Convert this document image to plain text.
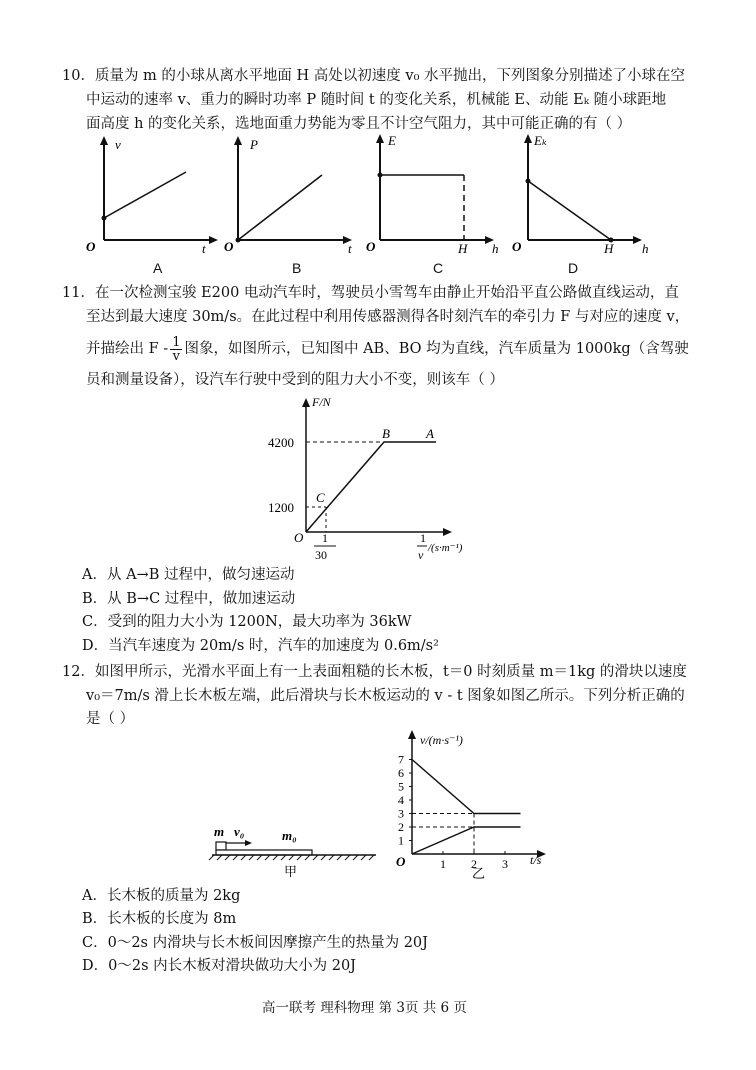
10．质量为 m 的小球从离水平地面 H 高处以初速度 v₀ 水平抛出，下列图象分别描述了小球在空
中运动的速率 v、重力的瞬时功率 P 随时间 t 的变化关系，机械能 E、动能 Eₖ 随小球距地
面高度 h 的变化关系，选地面重力势能为零且不计空气阻力，其中可能正确的有（ ）
v
t
O
A
P
t
O
B
E
H h
O
C
Eₖ
H h
O
D
11．在一次检测宝骏 E200 电动汽车时，驾驶员小雪驾车由静止开始沿平直公路做直线运动，直
至达到最大速度 30m/s。在此过程中利用传感器测得各时刻汽车的牵引力 F 与对应的速度 v，
并描绘出 F - $\frac{1}{v}$ 图象，如图所示，已知图中 AB、BO 均为直线，汽车质量为 1000kg（含驾驶
员和测量设备），设汽车行驶中受到的阻力大小不变，则该车（ ）
F/N
4200
1200
B	A
C
O 1
30
1
v /(s·m⁻¹)
A．从 A→B 过程中，做匀速运动
B．从 B→C 过程中，做加速运动
C．受到的阻力大小为 1200N，最大功率为 36kW
D．当汽车速度为 20m/s 时，汽车的加速度为 0.6m/s²
12．如图甲所示，光滑水平面上有一上表面粗糙的长木板，t＝0 时刻质量 m＝1kg 的滑块以速度
v₀＝7m/s 滑上长木板左端，此后滑块与长木板运动的 v - t 图象如图乙所示。下列分析正确的
是（ ）
m v₀	m₀
甲
v/(m·s⁻¹)
t/s
O
7
6
5
4
3
2
1
1 2 3
乙
A．长木板的质量为 2kg
B．长木板的长度为 8m
C．0～2s 内滑块与长木板间因摩擦产生的热量为 20J
D．0～2s 内长木板对滑块做功大小为 20J
高一联考 理科物理 第 3页 共 6 页
